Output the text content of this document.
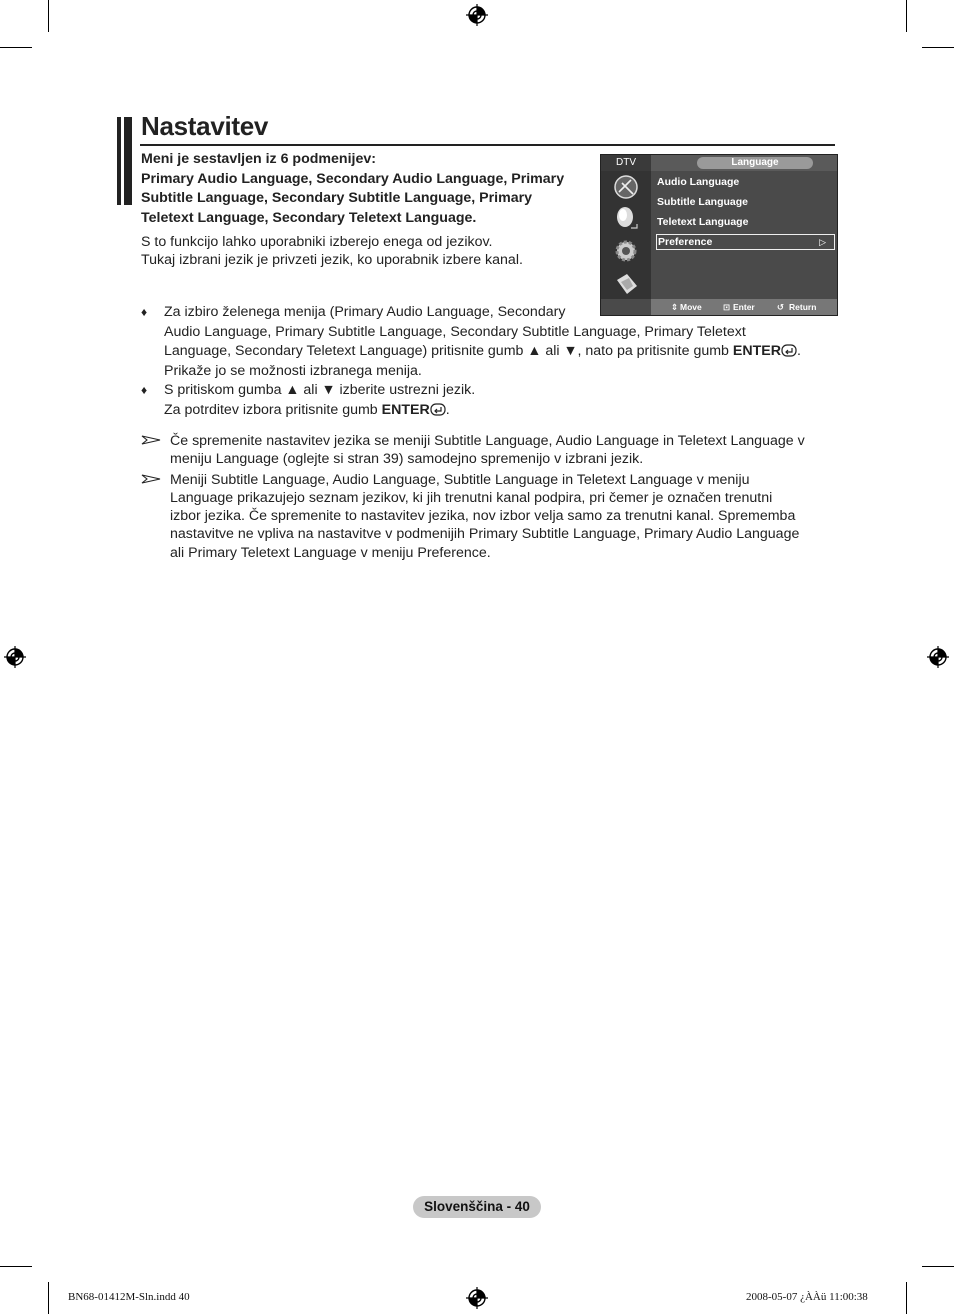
Nastavitev
Meni je sestavljen iz 6 podmenijev:
Primary Audio Language, Secondary Audio Language, Primary
Subtitle Language, Secondary Subtitle Language, Primary
Teletext Language, Secondary Teletext Language.
S to funkcijo lahko uporabniki izberejo enega od jezikov.
Tukaj izbrani jezik je privzeti jezik, ko uporabnik izbere kanal.
DTV	Language
Audio Language
Subtitle Language
Teletext Language
Preference	▷
⇕ Move	⊡ Enter	↺ Return
♦ Za izbiro želenega menija (Primary Audio Language, Secondary
Audio Language, Primary Subtitle Language, Secondary Subtitle Language, Primary Teletext
Language, Secondary Teletext Language) pritisnite gumb ▲ ali ▼, nato pa pritisnite gumb ENTER .
Prikaže jo se možnosti izbranega menija.
♦ S pritiskom gumba ▲ ali ▼ izberite ustrezni jezik.
Za potrditev izbora pritisnite gumb ENTER .
Če spremenite nastavitev jezika se meniji Subtitle Language, Audio Language in Teletext Language v
meniju Language (oglejte si stran 39) samodejno spremenijo v izbrani jezik.
Meniji Subtitle Language, Audio Language, Subtitle Language in Teletext Language v meniju
Language prikazujejo seznam jezikov, ki jih trenutni kanal podpira, pri čemer je označen trenutni
izbor jezika. Če spremenite to nastavitev jezika, nov izbor velja samo za trenutni kanal. Sprememba
nastavitve ne vpliva na nastavitve v podmenijih Primary Subtitle Language, Primary Audio Language
ali Primary Teletext Language v meniju Preference.
Slovenščina - 40
BN68-01412M-Sln.indd 40	2008-05-07 ¿ÀÀü 11:00:38
